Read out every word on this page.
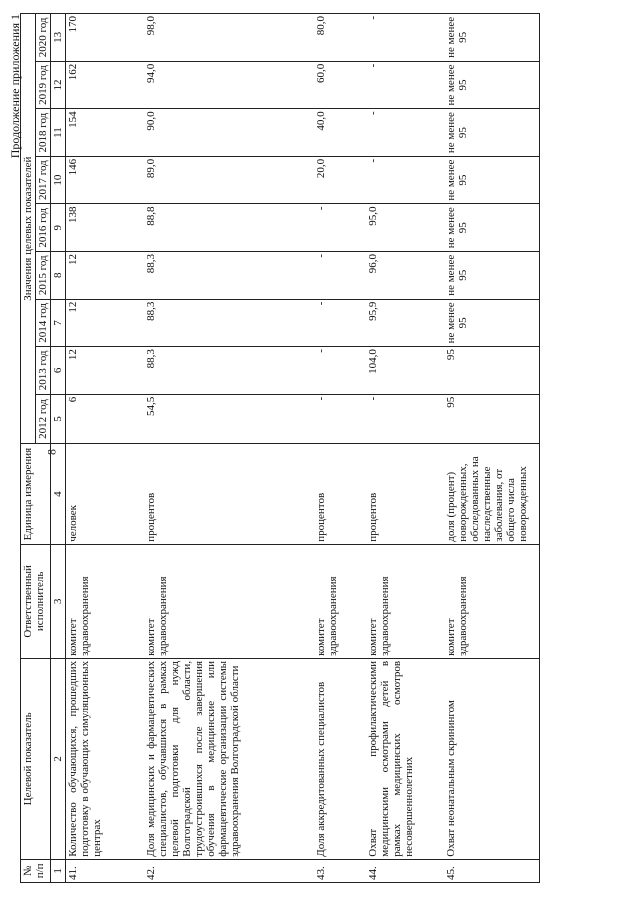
8
Продолжение приложения 1
№ п/п	Целевой показатель	Ответственный исполнитель	Единица измерения	Значения целевых показателей								
				2012 год	2013 год	2014 год	2015 год	2016 год	2017 год	2018 год	2019 год	2020 год
1	2	3	4	5	6	7	8	9	10	11	12	13
41.	Количество обучающихся, прошедших подготовку в обучающих симуляционных центрах	комитет здравоохранения	человек	6	12	12	12	138	146	154	162	170
42.	Доля медицинских и фармацевтических специалистов, обучавшихся в рамках целевой подготовки для нужд Волгоградской области, трудоустроившихся после завершения обучения в медицинские или фармацевтические организации системы здравоохранения Волгоградской области	комитет здравоохранения	процентов	54,5	88,3	88,3	88,3	88,8	89,0	90,0	94,0	98,0
43.	Доля аккредитованных специалистов	комитет здравоохранения	процентов	-	-	-	-	-	20,0	40,0	60,0	80,0
44.	Охват профилактическими медицинскими осмотрами детей в рамках медицинских осмотров несовершеннолетних	комитет здравоохранения	процентов	-	104,0	95,9	96,0	95,0	-	-	-	-
45.	Охват неонатальным скринингом	комитет здравоохранения	доля (процент) новорожденных, обследованных на наследственные заболевания, от общего числа новорожденных	95	95	не менее 95	не менее 95	не менее 95	не менее 95	не менее 95	не менее 95	не менее 95
